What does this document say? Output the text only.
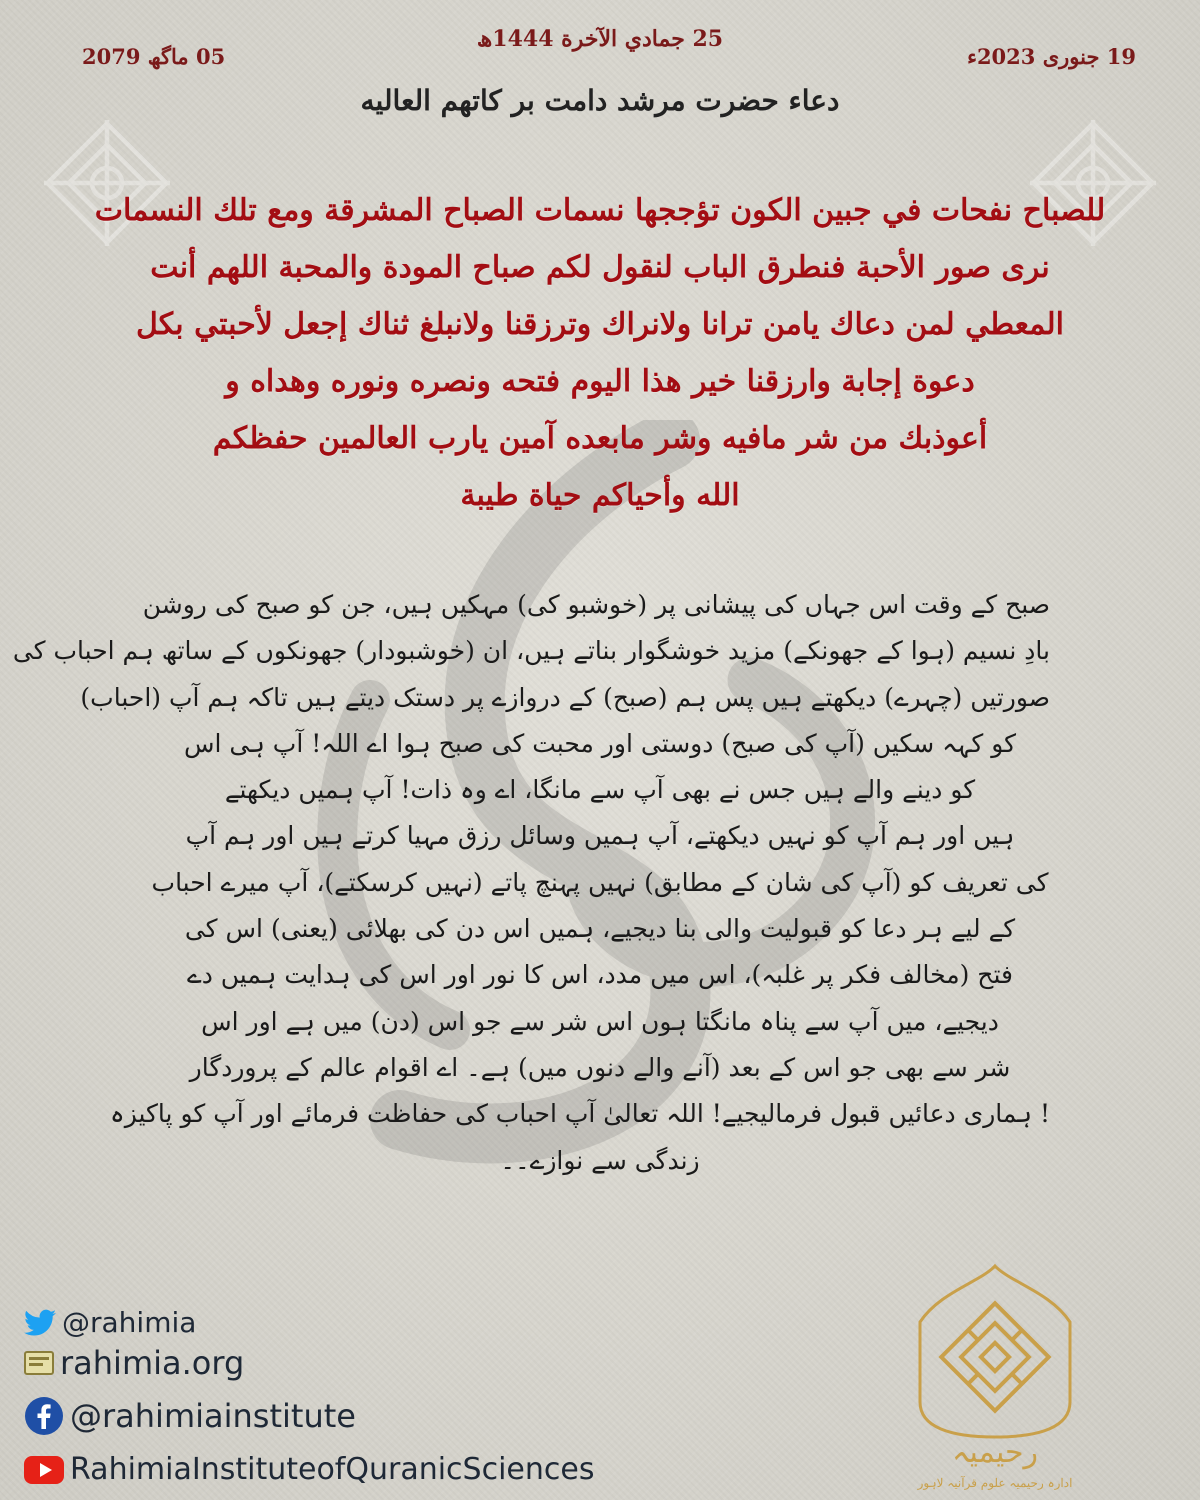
25 جمادي الآخرة 1444ھ
05 ماگھ 2079	19 جنوری 2023ء
دعاء حضرت مرشد دامت بر کاتهم العاليه
للصباح نفحات في جبين الكون تؤججها نسمات الصباح المشرقة ومع تلك النسمات
نرى صور الأحبة فنطرق الباب لنقول لكم صباح المودة والمحبة اللهم أنت
المعطي لمن دعاك يامن ترانا ولانراك وترزقنا ولانبلغ ثناك إجعل لأحبتي بكل
دعوة إجابة وارزقنا خير هذا اليوم فتحه ونصره ونوره وهداه و
أعوذبك من شر مافيه وشر مابعده آمين يارب العالمين حفظكم
الله وأحياكم حياة طيبة
صبح کے وقت اس جہاں کی پیشانی پر (خوشبو کی) مہکیں ہیں، جن کو صبح کی روشن
بادِ نسیم (ہوا کے جھونکے) مزید خوشگوار بناتے ہیں، ان (خوشبودار) جھونکوں کے ساتھ ہم احباب کی
صورتیں (چہرے) دیکھتے ہیں پس ہم (صبح) کے دروازے پر دستک دیتے ہیں تاکہ ہم آپ (احباب)
کو کہہ سکیں (آپ کی صبح) دوستی اور محبت کی صبح ہوا اے اللہ! آپ ہی اس
کو دینے والے ہیں جس نے بھی آپ سے مانگا، اے وہ ذات! آپ ہمیں دیکھتے
ہیں اور ہم آپ کو نہیں دیکھتے، آپ ہمیں وسائل رزق مہیا کرتے ہیں اور ہم آپ
کی تعریف کو (آپ کی شان کے مطابق) نہیں پہنچ پاتے (نہیں کرسکتے)، آپ میرے احباب
کے لیے ہر دعا کو قبولیت والی بنا دیجیے، ہمیں اس دن کی بھلائی (یعنی) اس کی
فتح (مخالف فکر پر غلبہ)، اس میں مدد، اس کا نور اور اس کی ہدایت ہمیں دے
دیجیے، میں آپ سے پناہ مانگتا ہوں اس شر سے جو اس (دن) میں ہے اور اس
شر سے بھی جو اس کے بعد (آنے والے دنوں میں) ہے۔ اے اقوام عالم کے پروردگار
! ہماری دعائیں قبول فرمالیجیے! اللہ تعالیٰ آپ احباب کی حفاظت فرمائے اور آپ کو پاکیزہ
زندگی سے نوازے۔۔
@rahimia
rahimia.org
@rahimiainstitute
RahimiaInstituteofQuranicSciences	رحیمیہ
ادارہ رحیمیہ علوم قرآنیہ لاہور
